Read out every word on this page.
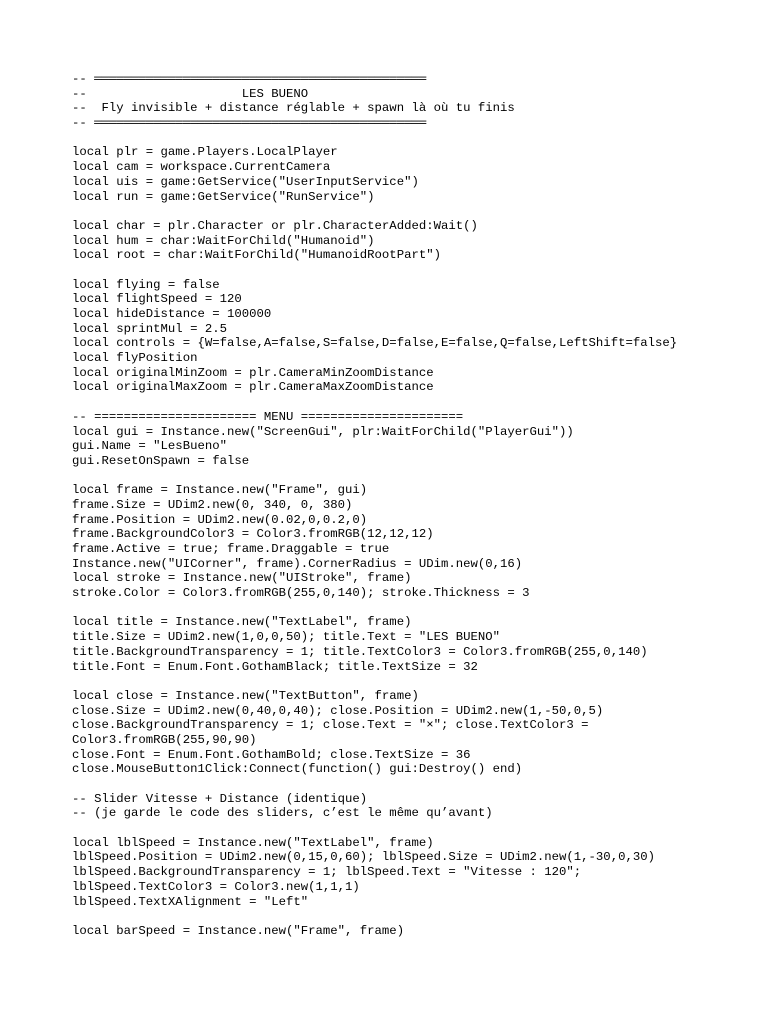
-- ═════════════════════════════════════════════
--                     LES BUENO
--  Fly invisible + distance réglable + spawn là où tu finis
-- ═════════════════════════════════════════════
local plr = game.Players.LocalPlayer
local cam = workspace.CurrentCamera
local uis = game:GetService("UserInputService")
local run = game:GetService("RunService")
local char = plr.Character or plr.CharacterAdded:Wait()
local hum = char:WaitForChild("Humanoid")
local root = char:WaitForChild("HumanoidRootPart")
local flying = false
local flightSpeed = 120
local hideDistance = 100000
local sprintMul = 2.5
local controls = {W=false,A=false,S=false,D=false,E=false,Q=false,LeftShift=false}
local flyPosition
local originalMinZoom = plr.CameraMinZoomDistance
local originalMaxZoom = plr.CameraMaxZoomDistance
-- ====================== MENU ======================
local gui = Instance.new("ScreenGui", plr:WaitForChild("PlayerGui"))
gui.Name = "LesBueno"
gui.ResetOnSpawn = false
local frame = Instance.new("Frame", gui)
frame.Size = UDim2.new(0, 340, 0, 380)
frame.Position = UDim2.new(0.02,0,0.2,0)
frame.BackgroundColor3 = Color3.fromRGB(12,12,12)
frame.Active = true; frame.Draggable = true
Instance.new("UICorner", frame).CornerRadius = UDim.new(0,16)
local stroke = Instance.new("UIStroke", frame)
stroke.Color = Color3.fromRGB(255,0,140); stroke.Thickness = 3
local title = Instance.new("TextLabel", frame)
title.Size = UDim2.new(1,0,0,50); title.Text = "LES BUENO"
title.BackgroundTransparency = 1; title.TextColor3 = Color3.fromRGB(255,0,140)
title.Font = Enum.Font.GothamBlack; title.TextSize = 32
local close = Instance.new("TextButton", frame)
close.Size = UDim2.new(0,40,0,40); close.Position = UDim2.new(1,-50,0,5)
close.BackgroundTransparency = 1; close.Text = "×"; close.TextColor3 =
Color3.fromRGB(255,90,90)
close.Font = Enum.Font.GothamBold; close.TextSize = 36
close.MouseButton1Click:Connect(function() gui:Destroy() end)
-- Slider Vitesse + Distance (identique)
-- (je garde le code des sliders, c’est le même qu’avant)
local lblSpeed = Instance.new("TextLabel", frame)
lblSpeed.Position = UDim2.new(0,15,0,60); lblSpeed.Size = UDim2.new(1,-30,0,30)
lblSpeed.BackgroundTransparency = 1; lblSpeed.Text = "Vitesse : 120";
lblSpeed.TextColor3 = Color3.new(1,1,1)
lblSpeed.TextXAlignment = "Left"
local barSpeed = Instance.new("Frame", frame)
